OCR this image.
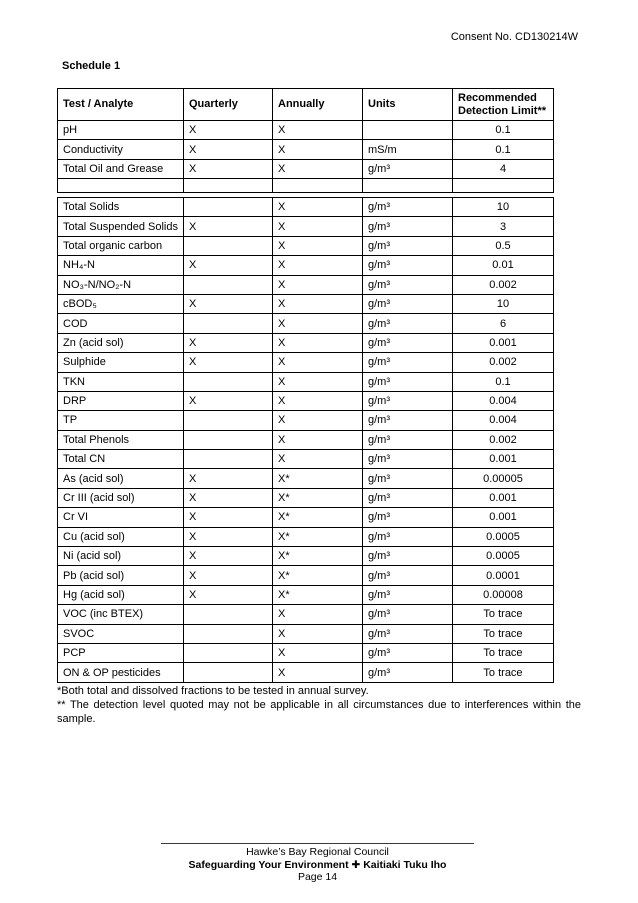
Consent No. CD130214W
Schedule 1
Test / Analyte	Quarterly	Annually	Units	Recommended Detection Limit**
pH	X	X		0.1
Conductivity	X	X	mS/m	0.1
Total Oil and Grease	X	X	g/m³	4

Total Solids		X	g/m³	10
Total Suspended Solids	X	X	g/m³	3
Total organic carbon		X	g/m³	0.5
NH₄-N	X	X	g/m³	0.01
NO₃-N/NO₂-N		X	g/m³	0.002
cBOD₅	X	X	g/m³	10
COD		X	g/m³	6
Zn (acid sol)	X	X	g/m³	0.001
Sulphide	X	X	g/m³	0.002
TKN		X	g/m³	0.1
DRP	X	X	g/m³	0.004
TP		X	g/m³	0.004
Total Phenols		X	g/m³	0.002
Total CN		X	g/m³	0.001
As (acid sol)	X	X*	g/m³	0.00005
Cr III (acid sol)	X	X*	g/m³	0.001
Cr VI	X	X*	g/m³	0.001
Cu (acid sol)	X	X*	g/m³	0.0005
Ni (acid sol)	X	X*	g/m³	0.0005
Pb (acid sol)	X	X*	g/m³	0.0001
Hg (acid sol)	X	X*	g/m³	0.00008
VOC (inc BTEX)		X	g/m³	To trace
SVOC		X	g/m³	To trace
PCP		X	g/m³	To trace
ON & OP pesticides		X	g/m³	To trace
*Both total and dissolved fractions to be tested in annual survey.
** The detection level quoted may not be applicable in all circumstances due to interferences within the sample.
Hawke’s Bay Regional Council
Safeguarding Your Environment ✚ Kaitiaki Tuku Iho
Page 14
